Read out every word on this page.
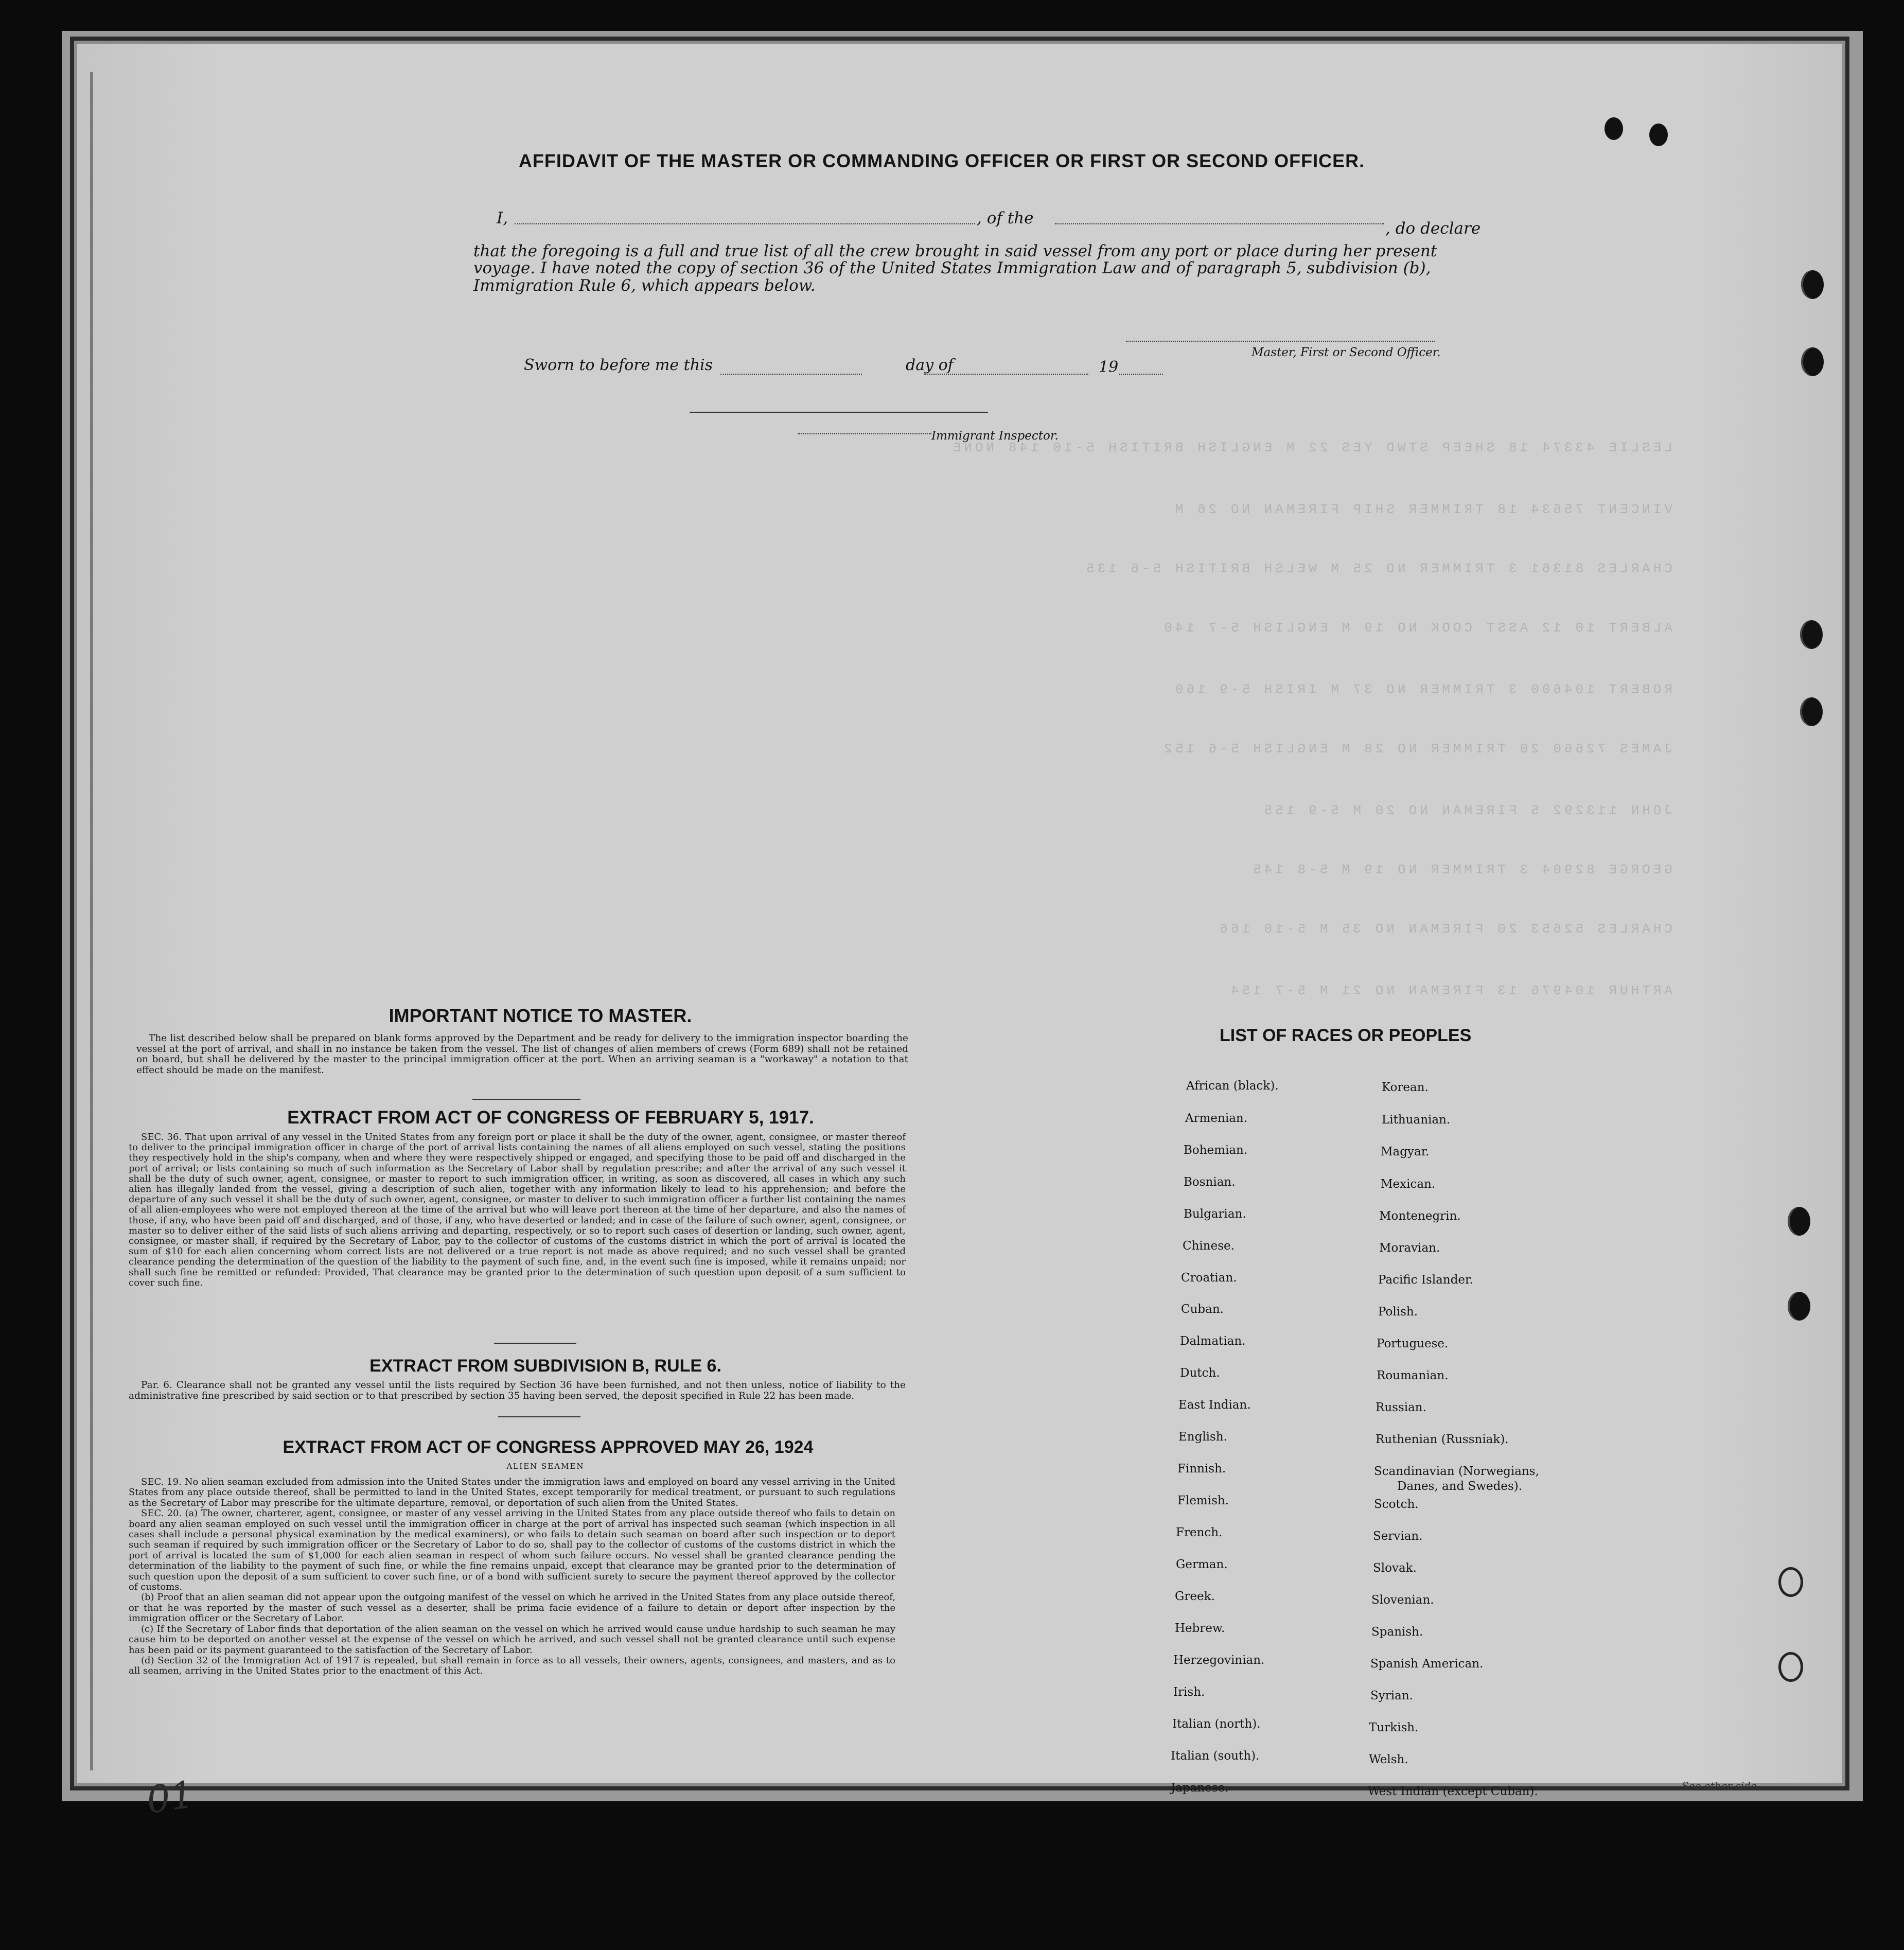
LESLIE 43374 18 SHEEP STWD YES 22 M ENGLISH BRITISH 5-10 148 NONE
VINCENT 75634 18 TRIMMER SHIP FIREMAN NO 26 M
CHARLES 81361 3 TRIMMER NO 25 M WELSH BRITISH 5-6 135
ALBERT 10 12 ASST COOK NO 19 M ENGLISH 5-7 140
ROBERT 104600 3 TRIMMER NO 37 M IRISH 5-9 160
JAMES 72660 20 TRIMMER NO 28 M ENGLISH 5-6 152
JOHN 113292 5 FIREMAN NO 20 M 5-9 155
GEORGE 82904 3 TRIMMER NO 19 M 5-8 145
CHARLES 52653 20 FIREMAN NO 35 M 5-10 166
ARTHUR 104976 13 FIREMAN NO 21 M 5-7 154
AFFIDAVIT OF THE MASTER OR COMMANDING OFFICER OR FIRST OR SECOND OFFICER.
I,	, of the
, do declare
that the foregoing is a full and true list of all the crew brought in said vessel from any port or place during her present
voyage. I have noted the copy of section 36 of the United States Immigration Law and of paragraph 5, subdivision (b),
Immigration Rule 6, which appears below.
Master, First or Second Officer.
Sworn to before me this	day of	19
Immigrant Inspector.
IMPORTANT NOTICE TO MASTER.

The list described below shall be prepared on blank forms approved by the Department and be ready for delivery to the immigration inspector boarding the vessel at the port of arrival, and shall in no instance be taken from the vessel. The list of changes of alien members of crews (Form 689) shall not be retained on board, but shall be delivered by the master to the principal immigration officer at the port. When an arriving seaman is a "workaway" a notation to that effect should be made on the manifest.

EXTRACT FROM ACT OF CONGRESS OF FEBRUARY 5, 1917.

SEC. 36. That upon arrival of any vessel in the United States from any foreign port or place it shall be the duty of the owner, agent, consignee, or master thereof to deliver to the principal immigration officer in charge of the port of arrival lists containing the names of all aliens employed on such vessel, stating the positions they respectively hold in the ship's company, when and where they were respectively shipped or engaged, and specifying those to be paid off and discharged in the port of arrival; or lists containing so much of such information as the Secretary of Labor shall by regulation prescribe; and after the arrival of any such vessel it shall be the duty of such owner, agent, consignee, or master to report to such immigration officer, in writing, as soon as discovered, all cases in which any such alien has illegally landed from the vessel, giving a description of such alien, together with any information likely to lead to his apprehension; and before the departure of any such vessel it shall be the duty of such owner, agent, consignee, or master to deliver to such immigration officer a further list containing the names of all alien-employees who were not employed thereon at the time of the arrival but who will leave port thereon at the time of her departure, and also the names of those, if any, who have been paid off and discharged, and of those, if any, who have deserted or landed; and in case of the failure of such owner, agent, consignee, or master so to deliver either of the said lists of such aliens arriving and departing, respectively, or so to report such cases of desertion or landing, such owner, agent, consignee, or master shall, if required by the Secretary of Labor, pay to the collector of customs of the customs district in which the port of arrival is located the sum of $10 for each alien concerning whom correct lists are not delivered or a true report is not made as above required; and no such vessel shall be granted clearance pending the determination of the question of the liability to the payment of such fine, and, in the event such fine is imposed, while it remains unpaid; nor shall such fine be remitted or refunded: Provided, That clearance may be granted prior to the determination of such question upon deposit of a sum sufficient to cover such fine.

EXTRACT FROM SUBDIVISION B, RULE 6.

Par. 6. Clearance shall not be granted any vessel until the lists required by Section 36 have been furnished, and not then unless, notice of liability to the administrative fine prescribed by said section or to that prescribed by section 35 having been served, the deposit specified in Rule 22 has been made.

EXTRACT FROM ACT OF CONGRESS APPROVED MAY 26, 1924
ALIEN SEAMEN

SEC. 19. No alien seaman excluded from admission into the United States under the immigration laws and employed on board any vessel arriving in the United States from any place outside thereof, shall be permitted to land in the United States, except temporarily for medical treatment, or pursuant to such regulations as the Secretary of Labor may prescribe for the ultimate departure, removal, or deportation of such alien from the United States.

SEC. 20. (a) The owner, charterer, agent, consignee, or master of any vessel arriving in the United States from any place outside thereof who fails to detain on board any alien seaman employed on such vessel until the immigration officer in charge at the port of arrival has inspected such seaman (which inspection in all cases shall include a personal physical examination by the medical examiners), or who fails to detain such seaman on board after such inspection or to deport such seaman if required by such immigration officer or the Secretary of Labor to do so, shall pay to the collector of customs of the customs district in which the port of arrival is located the sum of $1,000 for each alien seaman in respect of whom such failure occurs. No vessel shall be granted clearance pending the determination of the liability to the payment of such fine, or while the fine remains unpaid, except that clearance may be granted prior to the determination of such question upon the deposit of a sum sufficient to cover such fine, or of a bond with sufficient surety to secure the payment thereof approved by the collector of customs.

(b) Proof that an alien seaman did not appear upon the outgoing manifest of the vessel on which he arrived in the United States from any place outside thereof, or that he was reported by the master of such vessel as a deserter, shall be prima facie evidence of a failure to detain or deport after inspection by the immigration officer or the Secretary of Labor.

(c) If the Secretary of Labor finds that deportation of the alien seaman on the vessel on which he arrived would cause undue hardship to such seaman he may cause him to be deported on another vessel at the expense of the vessel on which he arrived, and such vessel shall not be granted clearance until such expense has been paid or its payment guaranteed to the satisfaction of the Secretary of Labor.

(d) Section 32 of the Immigration Act of 1917 is repealed, but shall remain in force as to all vessels, their owners, agents, consignees, and masters, and as to all seamen, arriving in the United States prior to the enactment of this Act.

LIST OF RACES OR PEOPLES
African (black).
Armenian.
Bohemian.
Bosnian.
Bulgarian.
Chinese.
Croatian.
Cuban.
Dalmatian.
Dutch.
East Indian.
English.
Finnish.
Flemish.
French.
German.
Greek.
Hebrew.
Herzegovinian.
Irish.
Italian (north).
Italian (south).
Japanese.
Korean.
Lithuanian.
Magyar.
Mexican.
Montenegrin.
Moravian.
Pacific Islander.
Polish.
Portuguese.
Roumanian.
Russian.
Ruthenian (Russniak).
Scandinavian (Norwegians,
Danes, and Swedes).
Scotch.
Servian.
Slovak.
Slovenian.
Spanish.
Spanish American.
Syrian.
Turkish.
Welsh.
West Indian (except Cuban).
01	See other side.
